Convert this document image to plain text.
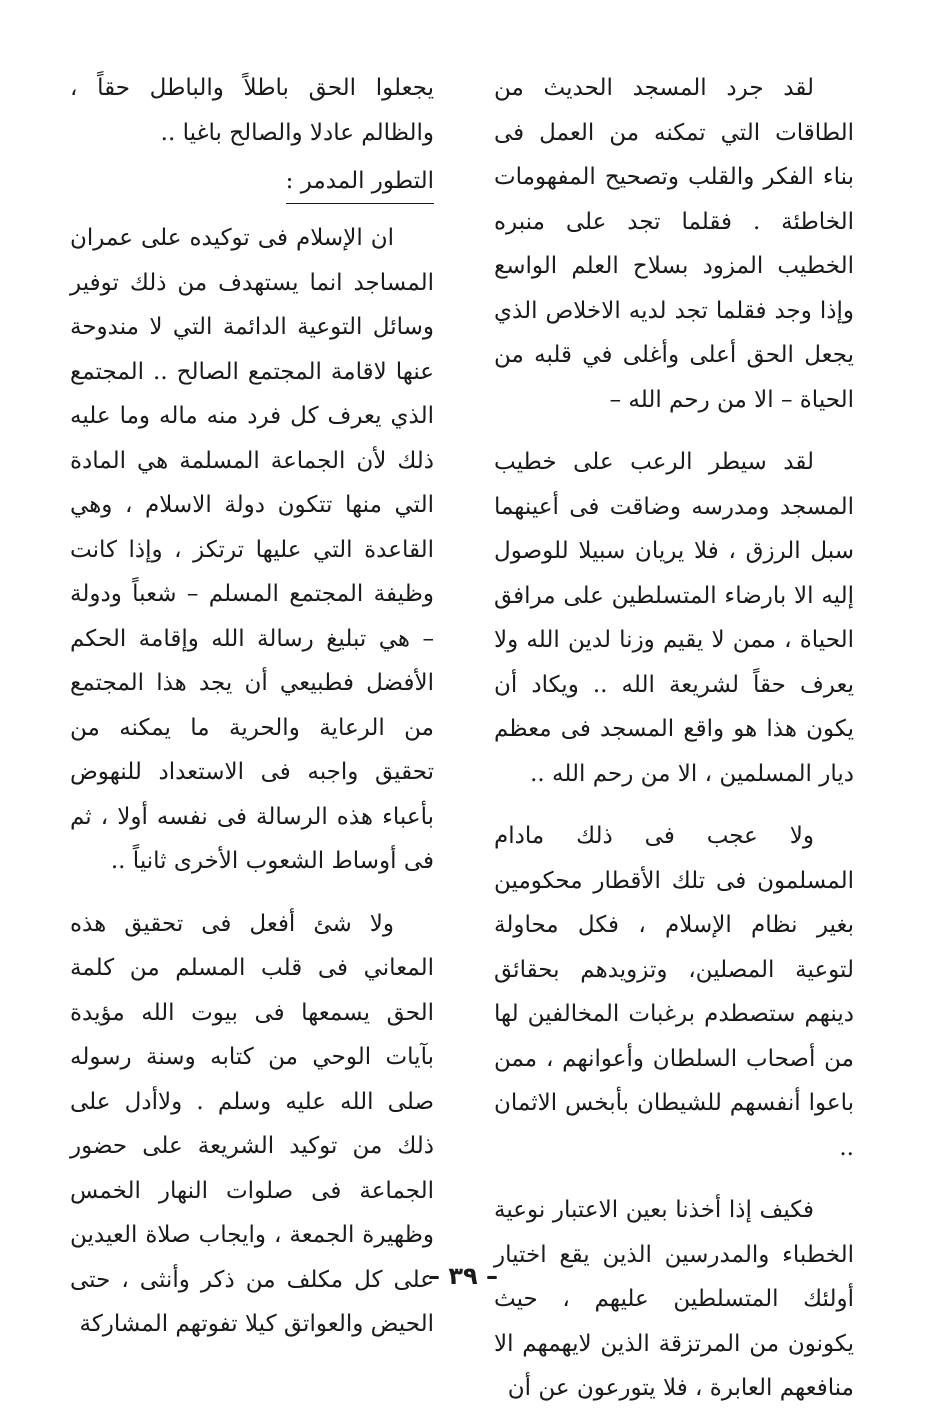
لقد جرد المسجد الحديث من الطاقات التي تمكنه من العمل فى بناء الفكر والقلب وتصحيح المفهومات الخاطئة . فقلما تجد على منبره الخطيب المزود بسلاح العلم الواسع وإذا وجد فقلما تجد لديه الاخلاص الذي يجعل الحق أعلى وأغلى في قلبه من الحياة – الا من رحم الله –

لقد سيطر الرعب على خطيب المسجد ومدرسه وضاقت فى أعينهما سبل الرزق ، فلا يريان سبيلا للوصول إليه الا بارضاء المتسلطين على مرافق الحياة ، ممن لا يقيم وزنا لدين الله ولا يعرف حقاً لشريعة الله .. ويكاد أن يكون هذا هو واقع المسجد فى معظم ديار المسلمين ، الا من رحم الله ..

ولا عجب فى ذلك مادام المسلمون فى تلك الأقطار محكومين بغير نظام الإسلام ، فكل محاولة لتوعية المصلين، وتزويدهم بحقائق دينهم ستصطدم برغبات المخالفين لها من أصحاب السلطان وأعوانهم ، ممن باعوا أنفسهم للشيطان بأبخس الاثمان ..

فكيف إذا أخذنا بعين الاعتبار نوعية الخطباء والمدرسين الذين يقع اختيار أولئك المتسلطين عليهم ، حيث يكونون من المرتزقة الذين لايهمهم الا منافعهم العابرة ، فلا يتورعون عن أن

يجعلوا الحق باطلاً والباطل حقاً ، والظالم عادلا والصالح باغيا ..

التطور المدمر :

ان الإسلام فى توكيده على عمران المساجد انما يستهدف من ذلك توفير وسائل التوعية الدائمة التي لا مندوحة عنها لاقامة المجتمع الصالح .. المجتمع الذي يعرف كل فرد منه ماله وما عليه ذلك لأن الجماعة المسلمة هي المادة التي منها تتكون دولة الاسلام ، وهي القاعدة التي عليها ترتكز ، وإذا كانت وظيفة المجتمع المسلم – شعباً ودولة – هي تبليغ رسالة الله وإقامة الحكم الأفضل فطبيعي أن يجد هذا المجتمع من الرعاية والحرية ما يمكنه من تحقيق واجبه فى الاستعداد للنهوض بأعباء هذه الرسالة فى نفسه أولا ، ثم فى أوساط الشعوب الأخرى ثانياً ..

ولا شئ أفعل فى تحقيق هذه المعاني فى قلب المسلم من كلمة الحق يسمعها فى بيوت الله مؤيدة بآيات الوحي من كتابه وسنة رسوله صلى الله عليه وسلم . ولاأدل على ذلك من توكيد الشريعة على حضور الجماعة فى صلوات النهار الخمس وظهيرة الجمعة ، وايجاب صلاة العيدين على كل مكلف من ذكر وأنثى ، حتى الحيض والعواتق كيلا تفوتهم المشاركة

– ٣٩ –
